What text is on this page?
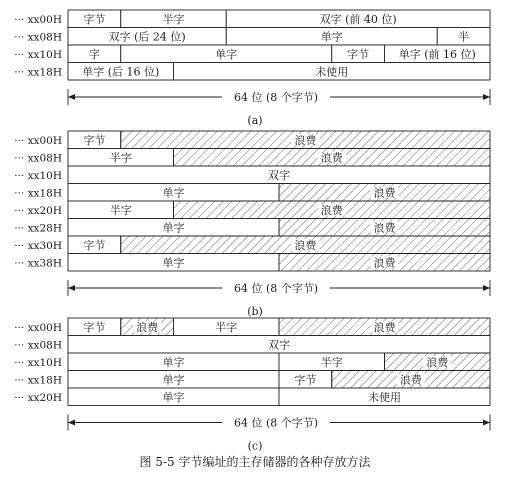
··· xx00H 字节	半字	双字 (前 40 位)
··· xx08H	双字 (后 24 位)	单字	半
··· xx10H 字	单字	字节	单字 (前 16 位)
··· xx18H 单字 (后 16 位)	未使用
64 位 (8 个字节)
(a)
··· xx00H 字节	浪费
··· xx08H	半字	浪费
··· xx10H	双字
··· xx18H	单字	浪费
··· xx20H	半字	浪费
··· xx28H	单字	浪费
··· xx30H 字节	浪费
··· xx38H	单字	浪费
64 位 (8 个字节)
(b)
··· xx00H 字节	浪费	半字	浪费
··· xx08H	双字
··· xx10H	单字	半字	浪费
··· xx18H	单字	字节	浪费
··· xx20H	单字	未使用
64 位 (8 个字节)
(c)
图 5-5 字节编址的主存储器的各种存放方法
